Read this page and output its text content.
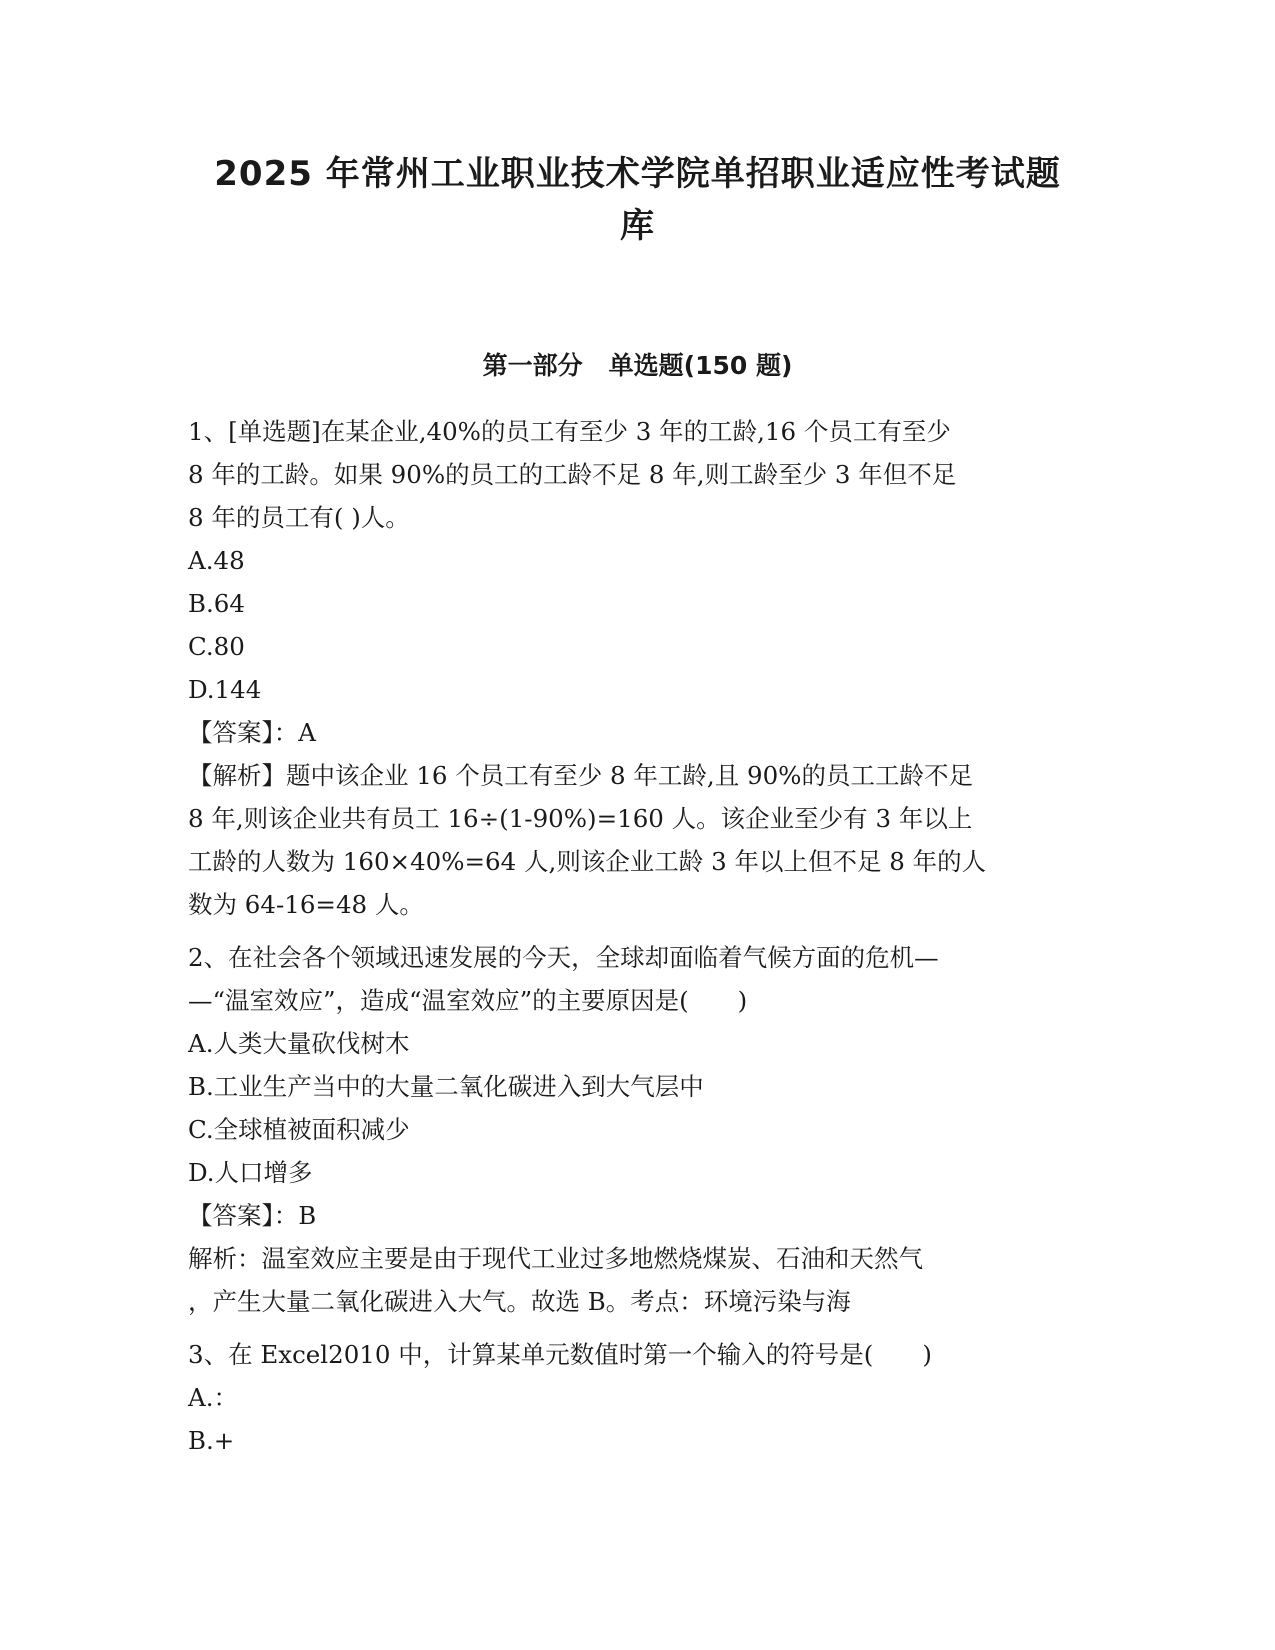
2025 年常州工业职业技术学院单招职业适应性考试题
库
第一部分   单选题(150 题)
1、[单选题]在某企业,40%的员工有至少 3 年的工龄,16 个员工有至少
8 年的工龄。如果 90%的员工的工龄不足 8 年,则工龄至少 3 年但不足
8 年的员工有( )人。
A.48
B.64
C.80
D.144
【答案】：A
【解析】题中该企业 16 个员工有至少 8 年工龄,且 90%的员工工龄不足
8 年,则该企业共有员工 16÷(1-90%)=160 人。该企业至少有 3 年以上
工龄的人数为 160×40%=64 人,则该企业工龄 3 年以上但不足 8 年的人
数为 64-16=48 人。
2、在社会各个领域迅速发展的今天，全球却面临着气候方面的危机—
—“温室效应”，造成“温室效应”的主要原因是(　　)
A.人类大量砍伐树木
B.工业生产当中的大量二氧化碳进入到大气层中
C.全球植被面积减少
D.人口增多
【答案】：B
解析：温室效应主要是由于现代工业过多地燃烧煤炭、石油和天然气
，产生大量二氧化碳进入大气。故选 B。考点：环境污染与海
3、在 Excel2010 中，计算某单元数值时第一个输入的符号是(　　)
A.：
B.+
